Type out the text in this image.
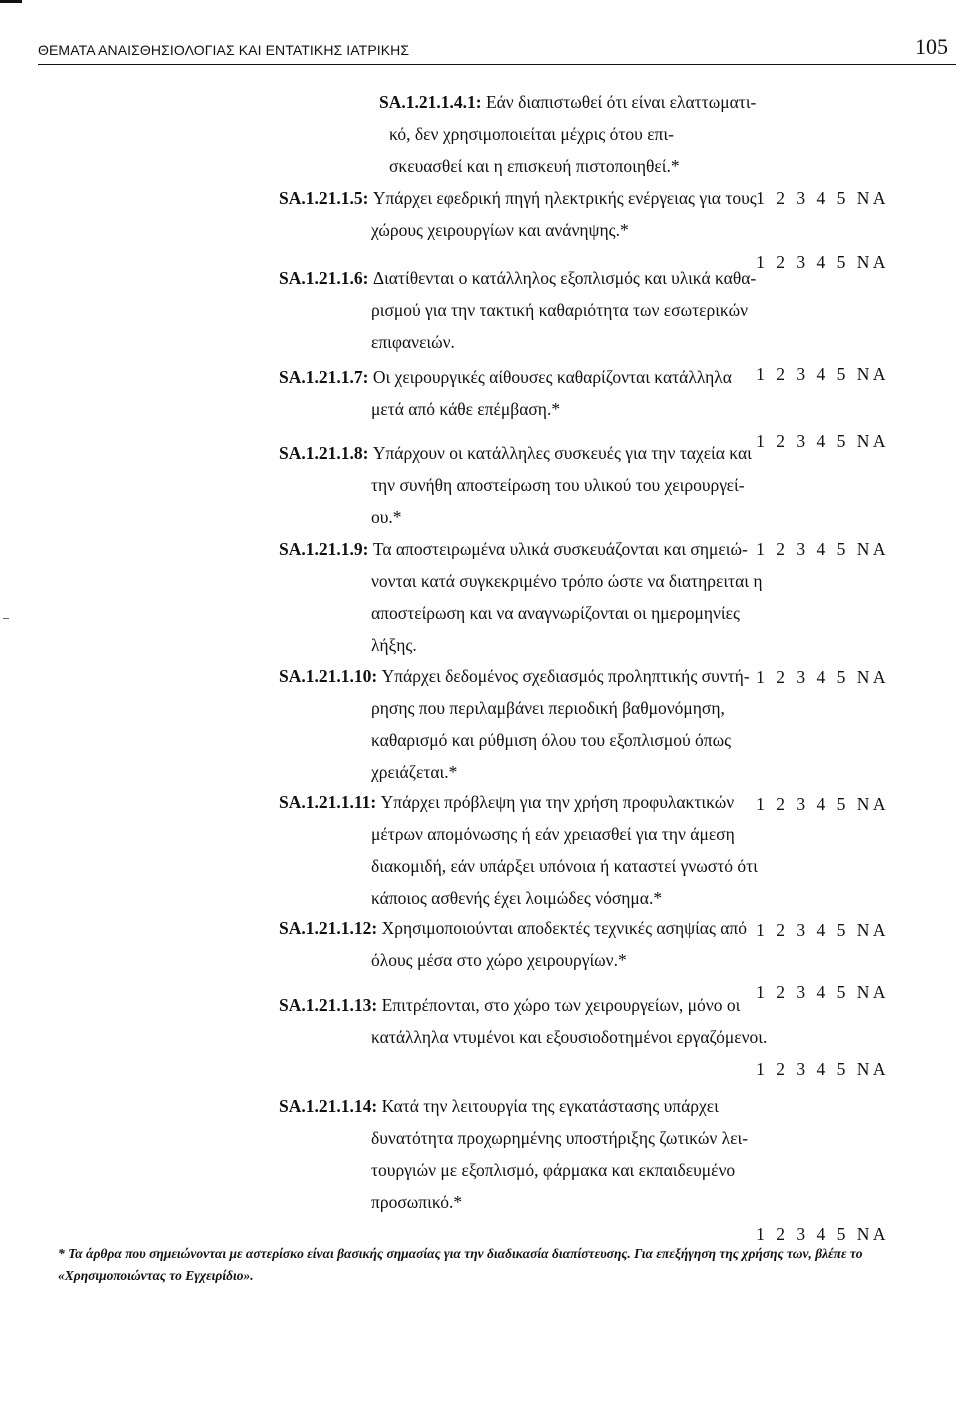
ΘΕΜΑΤΑ ΑΝΑΙΣΘΗΣΙΟΛΟΓΙΑΣ ΚΑΙ ΕΝΤΑΤΙΚΗΣ ΙΑΤΡΙΚΗΣ	105
SA.1.21.1.4.1: Εάν διαπιστωθεί ότι είναι ελαττωματι-
κό, δεν χρησιμοποιείται μέχρις ότου επι-
σκευασθεί και η επισκευή πιστοποιηθεί.*
1 2 3 4 5 NA
SA.1.21.1.5: Υπάρχει εφεδρική πηγή ηλεκτρικής ενέργειας για τους
χώρους χειρουργίων και ανάνηψης.*
1 2 3 4 5 NA
SA.1.21.1.6: Διατίθενται ο κατάλληλος εξοπλισμός και υλικά καθα-
ρισμού για την τακτική καθαριότητα των εσωτερικών
επιφανειών.
1 2 3 4 5 NA
SA.1.21.1.7: Οι χειρουργικές αίθουσες καθαρίζονται κατάλληλα
μετά από κάθε επέμβαση.*
1 2 3 4 5 NA
SA.1.21.1.8: Υπάρχουν οι κατάλληλες συσκευές για την ταχεία και
την συνήθη αποστείρωση του υλικού του χειρουργεί-
ου.*
1 2 3 4 5 NA
SA.1.21.1.9: Τα αποστειρωμένα υλικά συσκευάζονται και σημειώ-
νονται κατά συγκεκριμένο τρόπο ώστε να διατηρειται η
αποστείρωση και να αναγνωρίζονται οι ημερομηνίες
λήξης.
1 2 3 4 5 NA
SA.1.21.1.10: Υπάρχει δεδομένος σχεδιασμός προληπτικής συντή-
ρησης που περιλαμβάνει περιοδική βαθμονόμηση,
καθαρισμό και ρύθμιση όλου του εξοπλισμού όπως
χρειάζεται.*
1 2 3 4 5 NA
SA.1.21.1.11: Υπάρχει πρόβλεψη για την χρήση προφυλακτικών
μέτρων απομόνωσης ή εάν χρειασθεί για την άμεση
διακομιδή, εάν υπάρξει υπόνοια ή καταστεί γνωστό ότι
κάποιος ασθενής έχει λοιμώδες νόσημα.*
1 2 3 4 5 NA
SA.1.21.1.12: Χρησιμοποιούνται αποδεκτές τεχνικές ασηψίας από
όλους μέσα στο χώρο χειρουργίων.*
1 2 3 4 5 NA
SA.1.21.1.13: Επιτρέπονται, στο χώρο των χειρουργείων, μόνο οι
κατάλληλα ντυμένοι και εξουσιοδοτημένοι εργαζόμενοι.
1 2 3 4 5 NA
SA.1.21.1.14: Κατά την λειτουργία της εγκατάστασης υπάρχει
δυνατότητα προχωρημένης υποστήριξης ζωτικών λει-
τουργιών με εξοπλισμό, φάρμακα και εκπαιδευμένο
προσωπικό.*
1 2 3 4 5 NA
* Τα άρθρα που σημειώνονται με αστερίσκο είναι βασικής σημασίας για την διαδικασία διαπίστευσης. Για επεξήγηση της χρήσης των, βλέπε το «Χρησιμοποιώντας το Εγχειρίδιο».
